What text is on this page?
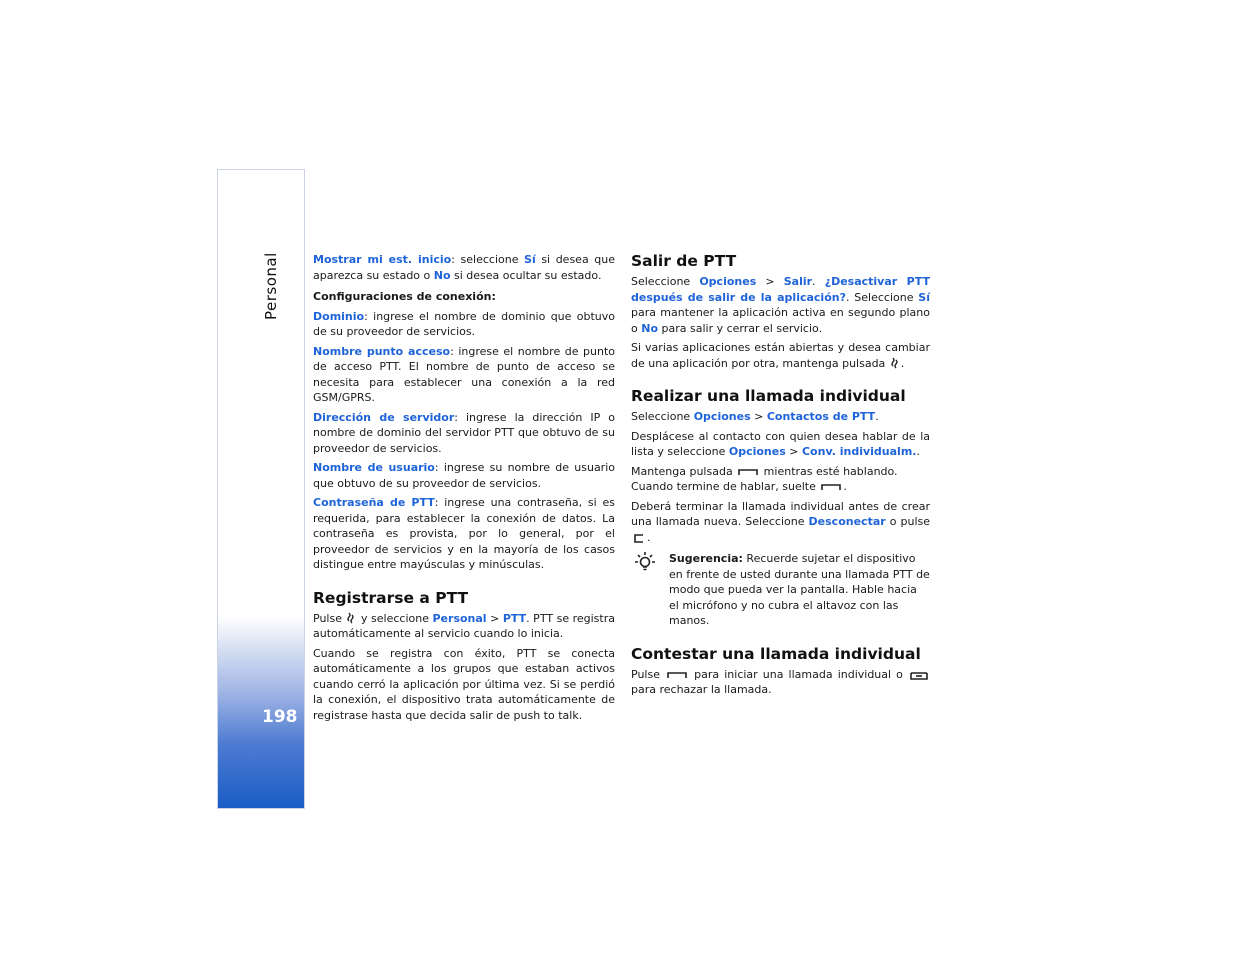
Personal
198

Mostrar mi est. inicio: seleccione Sí si desea que aparezca su estado o No si desea ocultar su estado.

Configuraciones de conexión:

Dominio: ingrese el nombre de dominio que obtuvo de su proveedor de servicios.

Nombre punto acceso: ingrese el nombre de punto de acceso PTT. El nombre de punto de acceso se necesita para establecer una conexión a la red GSM/GPRS.

Dirección de servidor: ingrese la dirección IP o nombre de dominio del servidor PTT que obtuvo de su proveedor de servicios.

Nombre de usuario: ingrese su nombre de usuario que obtuvo de su proveedor de servicios.

Contraseña de PTT: ingrese una contraseña, si es requerida, para establecer la conexión de datos. La contraseña es provista, por lo general, por el proveedor de servicios y en la mayoría de los casos distingue entre mayúsculas y minúsculas.

Registrarse a PTT

Pulse  y seleccione Personal > PTT. PTT se registra automáticamente al servicio cuando lo inicia.

Cuando se registra con éxito, PTT se conecta automáticamente a los grupos que estaban activos cuando cerró la aplicación por última vez. Si se perdió la conexión, el dispositivo trata automáticamente de registrase hasta que decida salir de push to talk.

Salir de PTT

Seleccione Opciones > Salir. ¿Desactivar PTT después de salir de la aplicación?. Seleccione Sí para mantener la aplicación activa en segundo plano o No para salir y cerrar el servicio.

Si varias aplicaciones están abiertas y desea cambiar de una aplicación por otra, mantenga pulsada .

Realizar una llamada individual

Seleccione Opciones > Contactos de PTT.

Desplácese al contacto con quien desea hablar de la lista y seleccione Opciones > Conv. individualm..

Mantenga pulsada  mientras esté hablando.
Cuando termine de hablar, suelte .

Deberá terminar la llamada individual antes de crear una llamada nueva. Seleccione Desconectar o pulse .

Sugerencia: Recuerde sujetar el dispositivo en frente de usted durante una llamada PTT de modo que pueda ver la pantalla. Hable hacia el micrófono y no cubra el altavoz con las manos.
Contestar una llamada individual

Pulse  para iniciar una llamada individual o  para rechazar la llamada.
